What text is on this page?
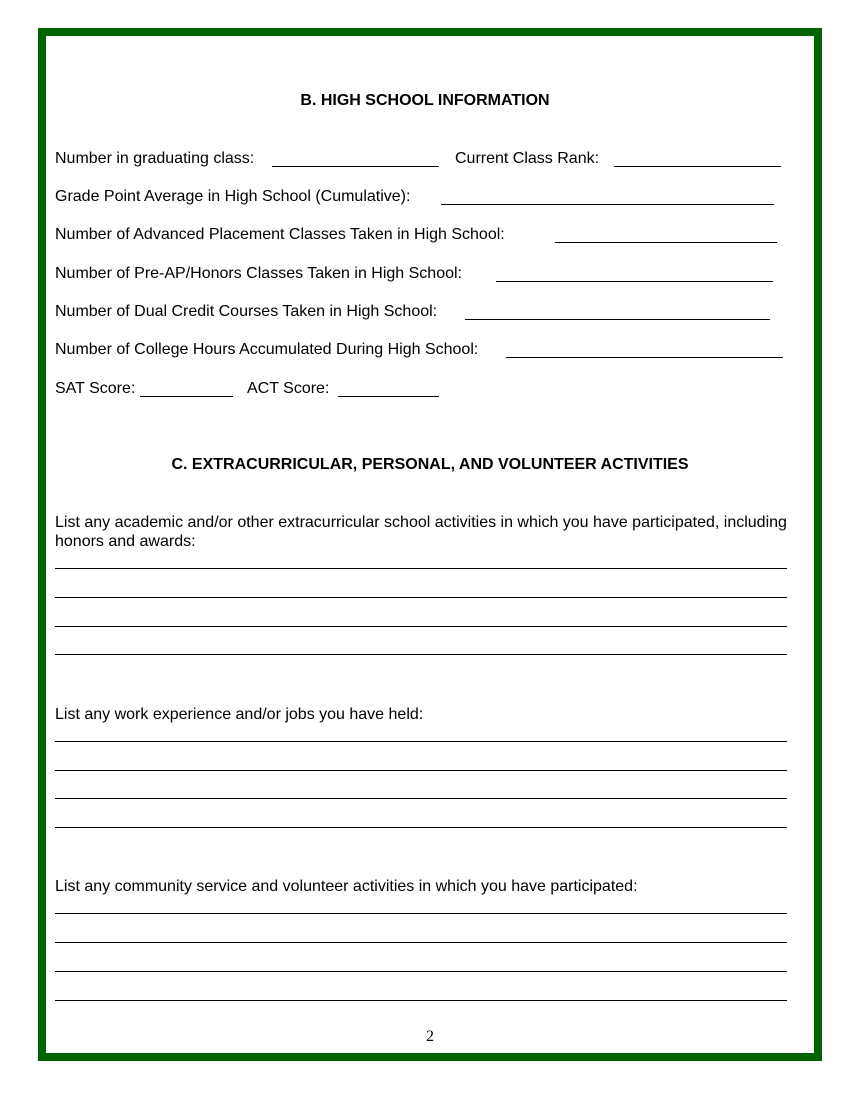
B. HIGH SCHOOL INFORMATION
Number in graduating class:	Current Class Rank:
Grade Point Average in High School (Cumulative):
Number of Advanced Placement Classes Taken in High School:
Number of Pre-AP/Honors Classes Taken in High School:
Number of Dual Credit Courses Taken in High School:
Number of College Hours Accumulated During High School:
SAT Score:	ACT Score:
C. EXTRACURRICULAR, PERSONAL, AND VOLUNTEER ACTIVITIES
List any academic and/or other extracurricular school activities in which you have participated, including
honors and awards:
List any work experience and/or jobs you have held:
List any community service and volunteer activities in which you have participated:
2
